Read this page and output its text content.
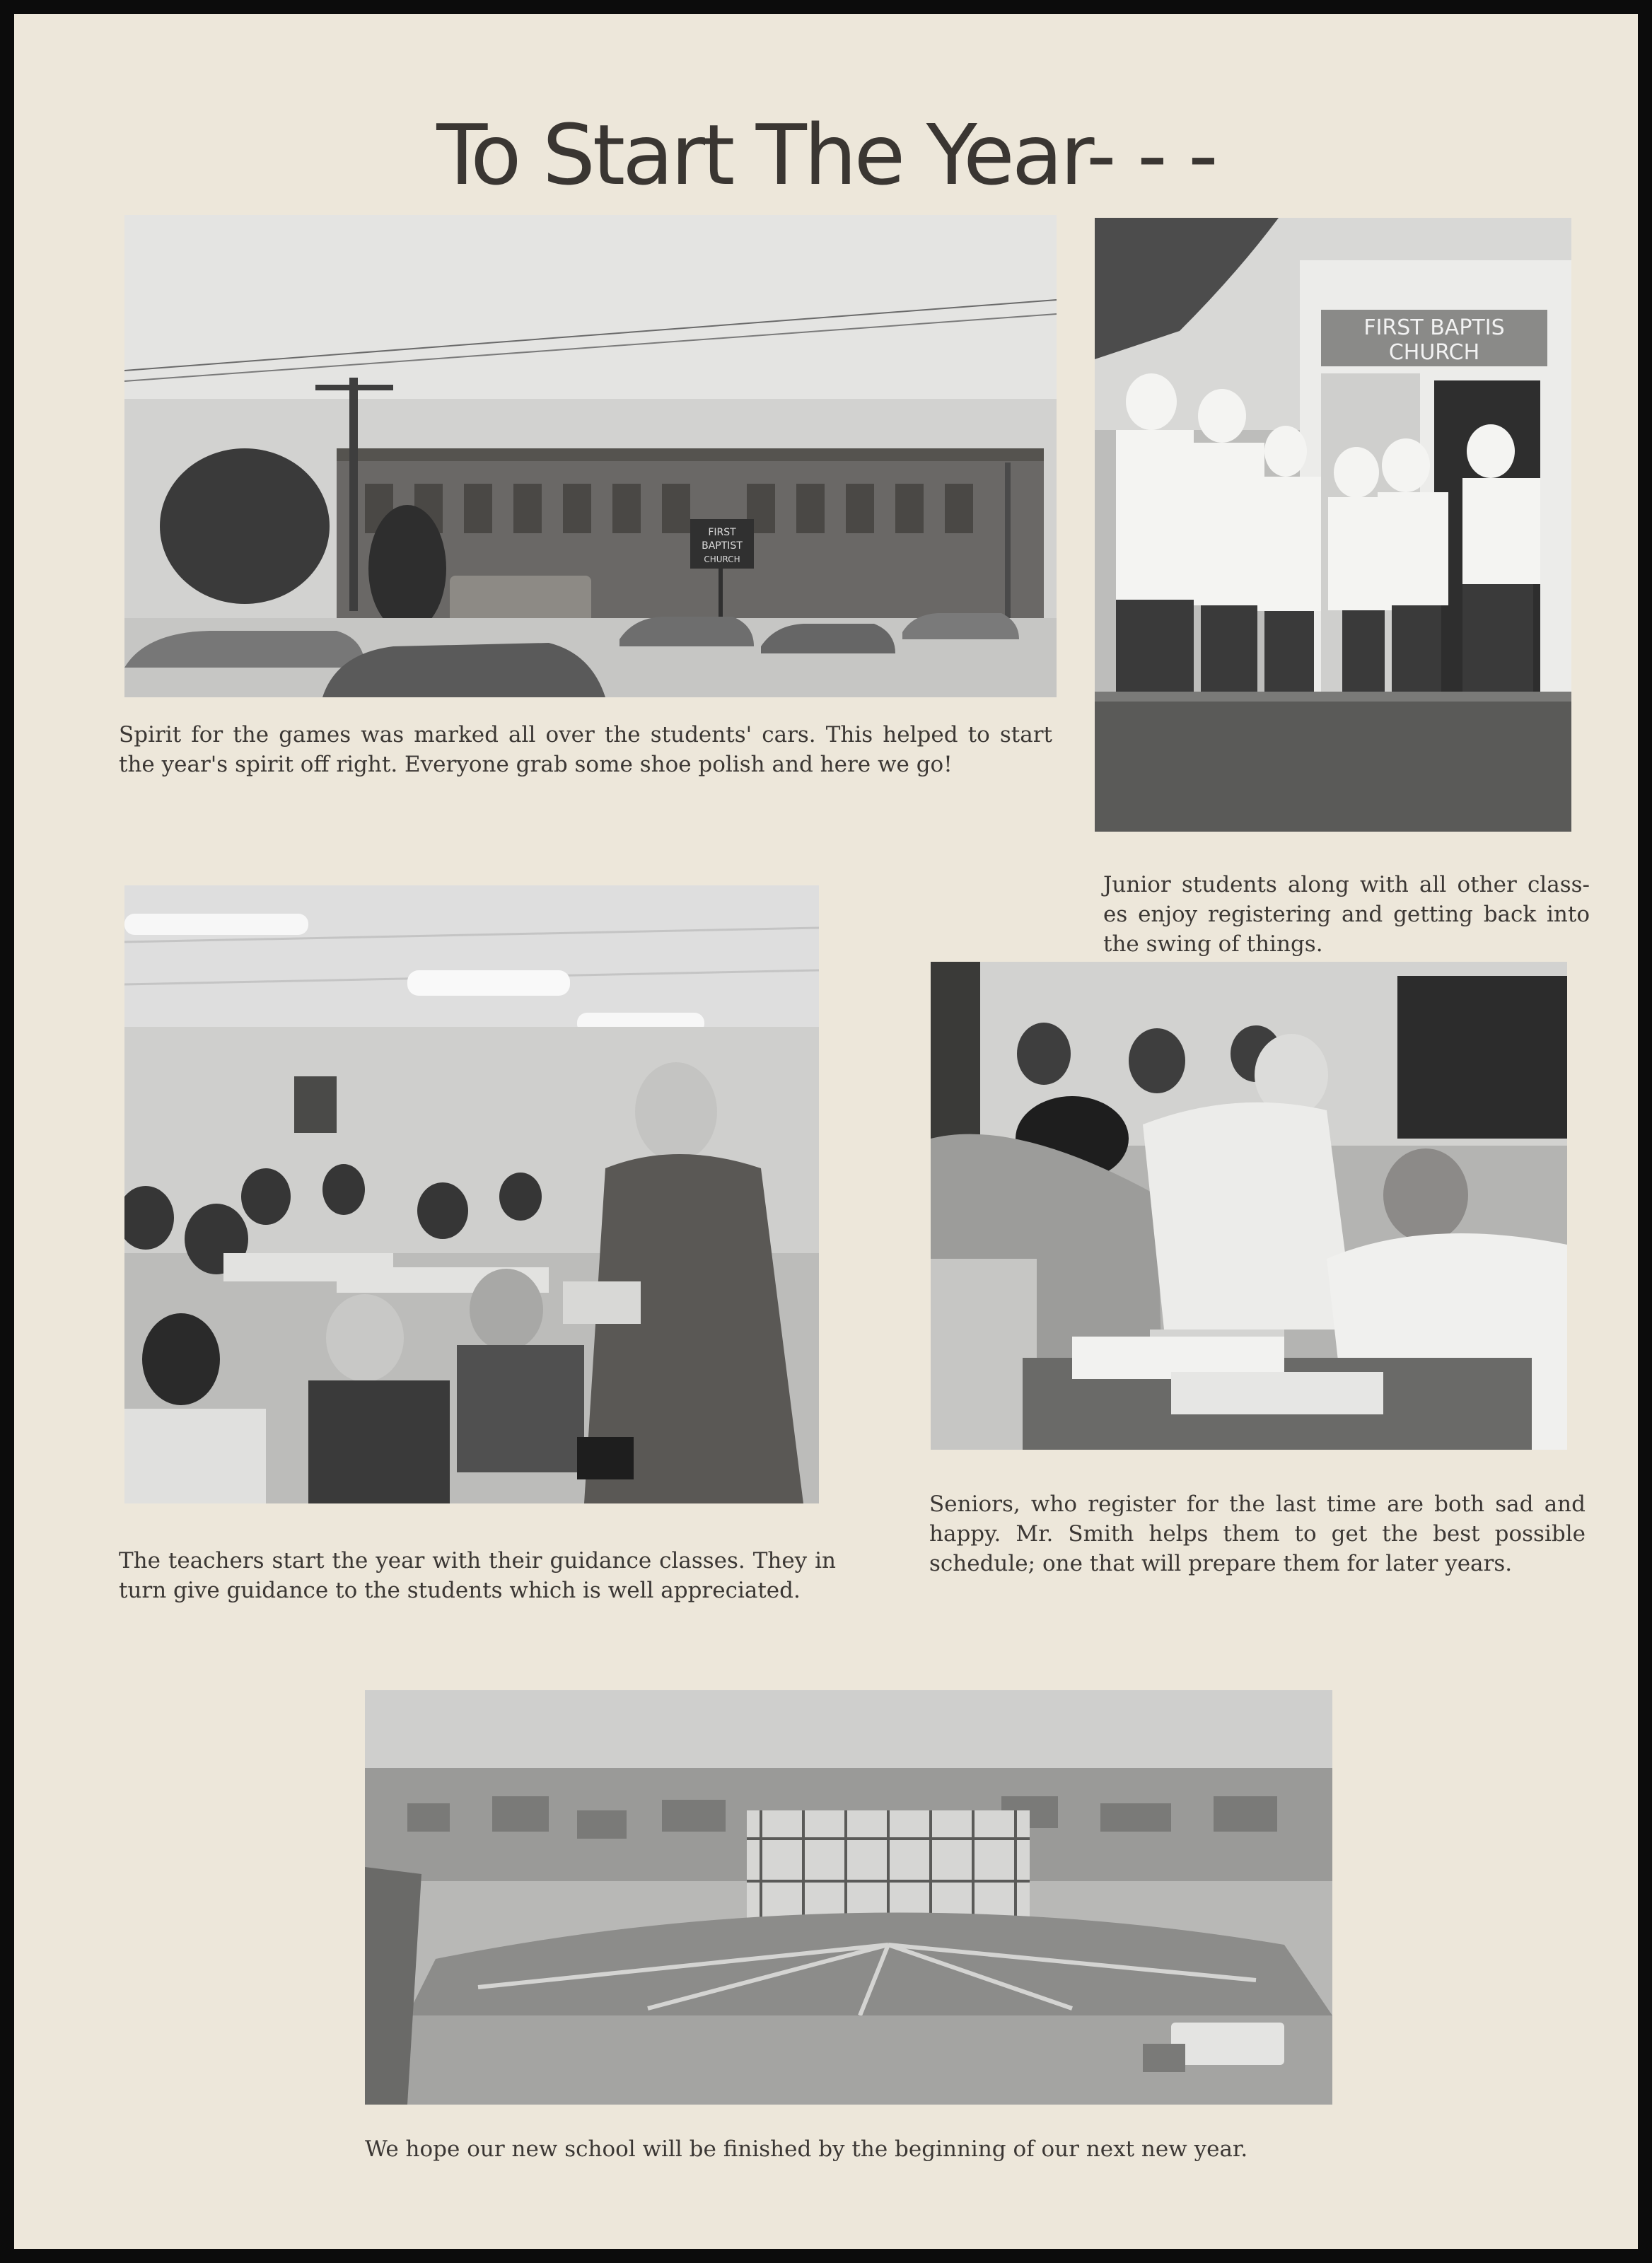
To Start The Year- - -
FIRST
BAPTIST
CHURCH

Spirit for the games was marked all over the students' cars. This helped to start the year's spirit off right. Everyone grab some shoe polish and here we go!

FIRST BAPTIS
CHURCH

Junior students along with all other class-es enjoy registering and getting back into the swing of things.

The teachers start the year with their guidance classes. They in turn give guidance to the students which is well appreciated.

Seniors, who register for the last time are both sad and happy. Mr. Smith helps them to get the best possible schedule; one that will prepare them for later years.

We hope our new school will be finished by the beginning of our next new year.
